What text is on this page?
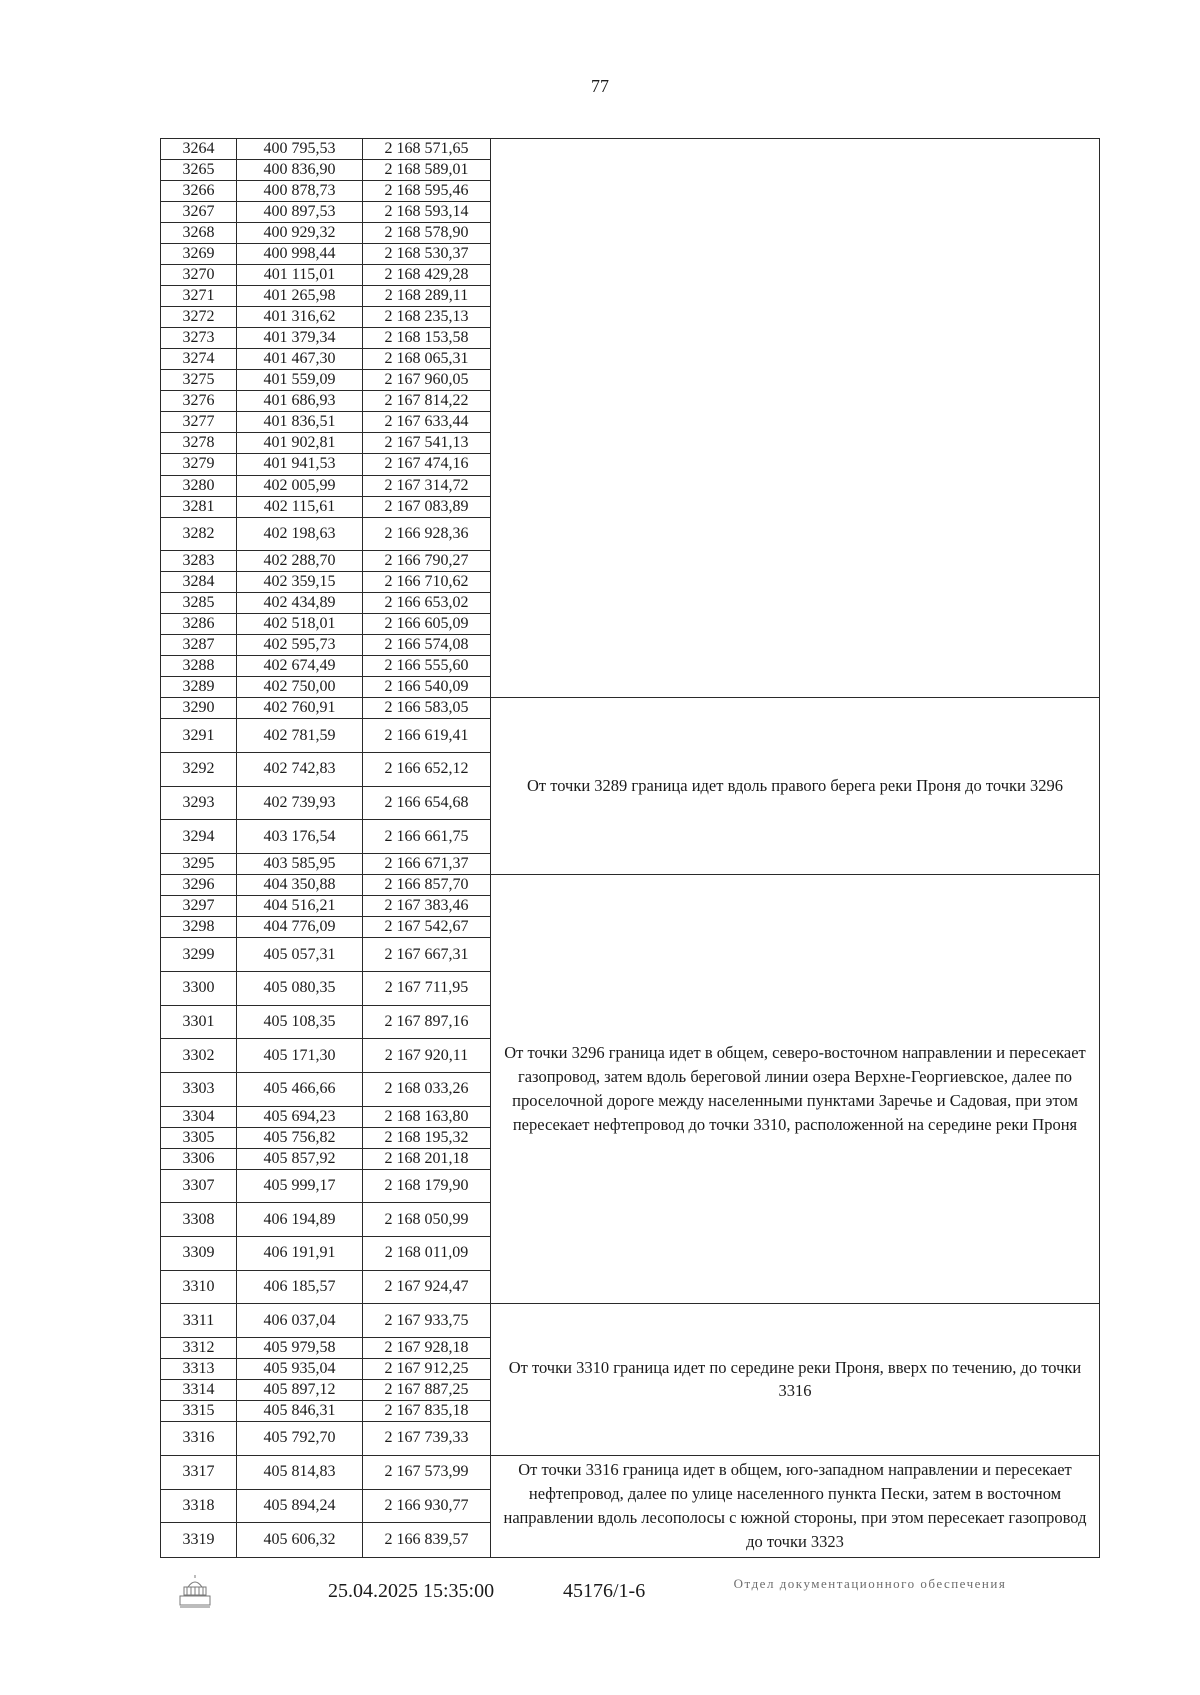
77
3264	400 795,53	2 168 571,65	
3265	400 836,90	2 168 589,01	
3266	400 878,73	2 168 595,46	
3267	400 897,53	2 168 593,14	
3268	400 929,32	2 168 578,90	
3269	400 998,44	2 168 530,37	
3270	401 115,01	2 168 429,28	
3271	401 265,98	2 168 289,11	
3272	401 316,62	2 168 235,13	
3273	401 379,34	2 168 153,58	
3274	401 467,30	2 168 065,31	
3275	401 559,09	2 167 960,05	
3276	401 686,93	2 167 814,22	
3277	401 836,51	2 167 633,44	
3278	401 902,81	2 167 541,13	
3279	401 941,53	2 167 474,16	
3280	402 005,99	2 167 314,72	
3281	402 115,61	2 167 083,89	
3282	402 198,63	2 166 928,36	
3283	402 288,70	2 166 790,27	
3284	402 359,15	2 166 710,62	
3285	402 434,89	2 166 653,02	
3286	402 518,01	2 166 605,09	
3287	402 595,73	2 166 574,08	
3288	402 674,49	2 166 555,60	
3289	402 750,00	2 166 540,09	
3290	402 760,91	2 166 583,05	От точки 3289 граница идет вдоль правого берега реки Проня до точки 3296
3291	402 781,59	2 166 619,41	
3292	402 742,83	2 166 652,12	
3293	402 739,93	2 166 654,68	
3294	403 176,54	2 166 661,75	
3295	403 585,95	2 166 671,37	
3296	404 350,88	2 166 857,70	От точки 3296 граница идет в общем, северо-восточном направлении и пересекает газопровод, затем вдоль береговой линии озера Верхне-Георгиевское, далее по проселочной дороге между населенными пунктами Заречье и Садовая, при этом пересекает нефтепровод до точки 3310, расположенной на середине реки Проня
3297	404 516,21	2 167 383,46	
3298	404 776,09	2 167 542,67	
3299	405 057,31	2 167 667,31	
3300	405 080,35	2 167 711,95	
3301	405 108,35	2 167 897,16	
3302	405 171,30	2 167 920,11	
3303	405 466,66	2 168 033,26	
3304	405 694,23	2 168 163,80	
3305	405 756,82	2 168 195,32	
3306	405 857,92	2 168 201,18	
3307	405 999,17	2 168 179,90	
3308	406 194,89	2 168 050,99	
3309	406 191,91	2 168 011,09	
3310	406 185,57	2 167 924,47	
3311	406 037,04	2 167 933,75	От точки 3310 граница идет по середине реки Проня, вверх по течению, до точки 3316
3312	405 979,58	2 167 928,18	
3313	405 935,04	2 167 912,25	
3314	405 897,12	2 167 887,25	
3315	405 846,31	2 167 835,18	
3316	405 792,70	2 167 739,33	
3317	405 814,83	2 167 573,99	От точки 3316 граница идет в общем, юго-западном направлении и пересекает нефтепровод, далее по улице населенного пункта Пески, затем в восточном направлении вдоль лесополосы с южной стороны, при этом пересекает газопровод до точки 3323
3318	405 894,24	2 166 930,77	
3319	405 606,32	2 166 839,57	
25.04.2025 15:35:00	45176/1-6	Отдел документационного обеспечения
